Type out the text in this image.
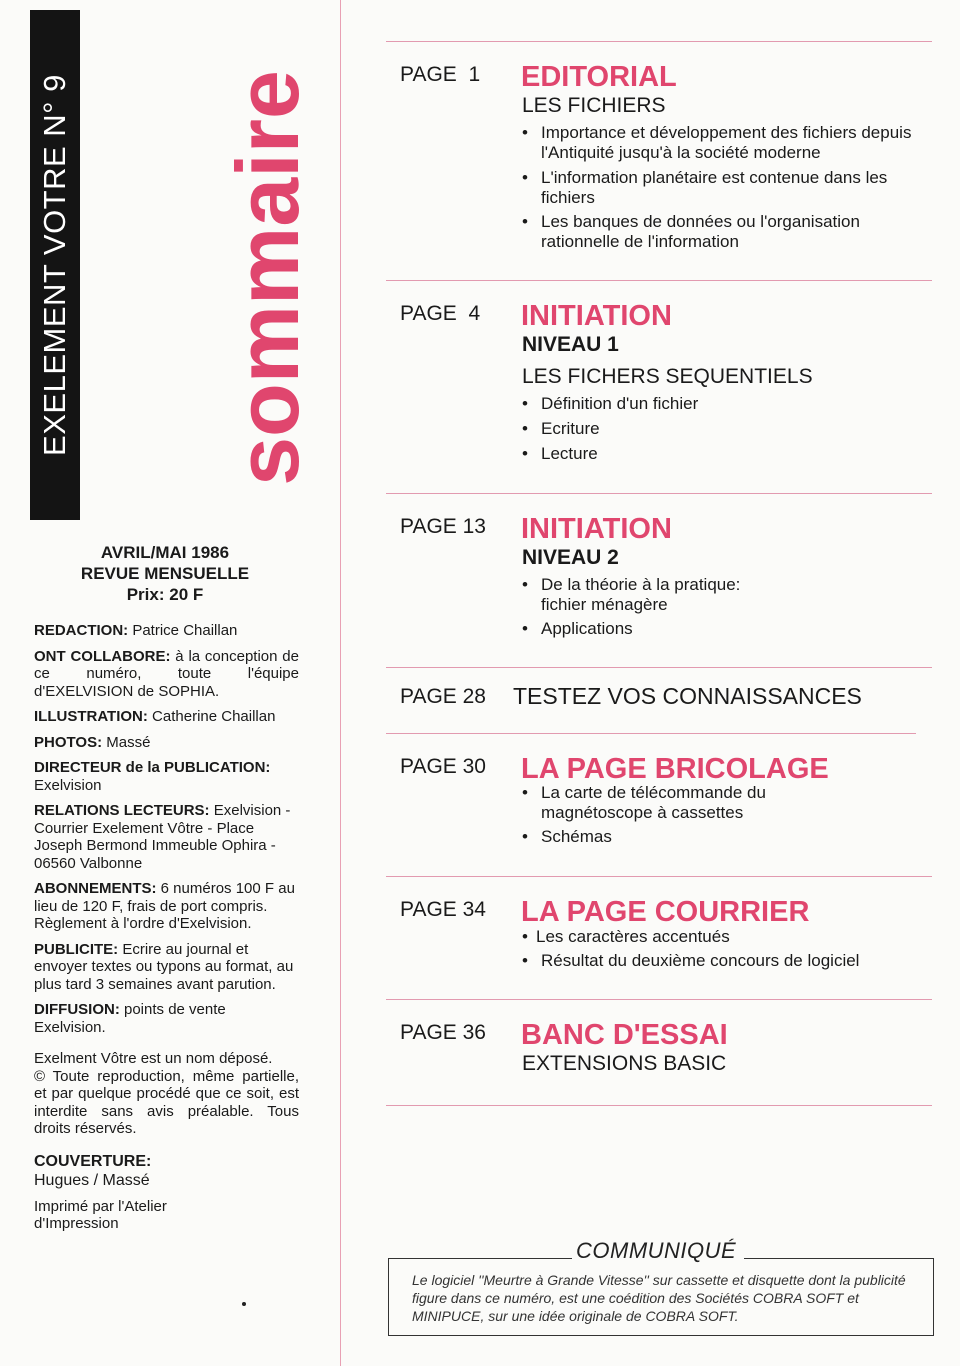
EXELEMENT VOTRE N° 9 sommaire
AVRIL/MAI 1986
REVUE MENSUELLE
Prix: 20 F

REDACTION: Patrice Chaillan

ONT COLLABORE: à la conception de ce numéro, toute l'équipe d'EXELVISION de SOPHIA.

ILLUSTRATION: Catherine Chaillan

PHOTOS: Massé

DIRECTEUR de la PUBLICATION: Exelvision

RELATIONS LECTEURS: Exelvision - Courrier Exelement Vôtre - Place Joseph Bermond Immeuble Ophira - 06560 Valbonne

ABONNEMENTS: 6 numéros 100 F au lieu de 120 F, frais de port compris. Règlement à l'ordre d'Exelvision.

PUBLICITE: Ecrire au journal et envoyer textes ou typons au format, au plus tard 3 semaines avant parution.

DIFFUSION: points de vente Exelvision.

Exelment Vôtre est un nom déposé.

© Toute reproduction, même partielle, et par quelque procédé que ce soit, est interdite sans avis préalable. Tous droits réservés.

COUVERTURE:
Hugues / Massé

Imprimé par l'Atelier d'Impression

PAGE  1 EDITORIAL
LES FICHIERS
• Importance et développement des fichiers depuis l'Antiquité jusqu'à la société moderne
• L'information planétaire est contenue dans les fichiers
• Les banques de données ou l'organisation rationnelle de l'information
PAGE  4 INITIATION
NIVEAU 1
LES FICHERS SEQUENTIELS
• Définition d'un fichier
• Ecriture
• Lecture
PAGE 13 INITIATION
NIVEAU 2
• De la théorie à la pratique: fichier ménagère
• Applications
PAGE 28 TESTEZ VOS CONNAISSANCES
PAGE 30 LA PAGE BRICOLAGE
• La carte de télécommande du magnétoscope à cassettes
• Schémas
PAGE 34 LA PAGE COURRIER
• Les caractères accentués
• Résultat du deuxième concours de logiciel
PAGE 36 BANC D'ESSAI
EXTENSIONS BASIC
COMMUNIQUÉ
Le logiciel ''Meurtre à Grande Vitesse'' sur cassette et disquette dont la publicité figure dans ce numéro, est une coédition des Sociétés COBRA SOFT et MINIPUCE, sur une idée originale de COBRA SOFT.
